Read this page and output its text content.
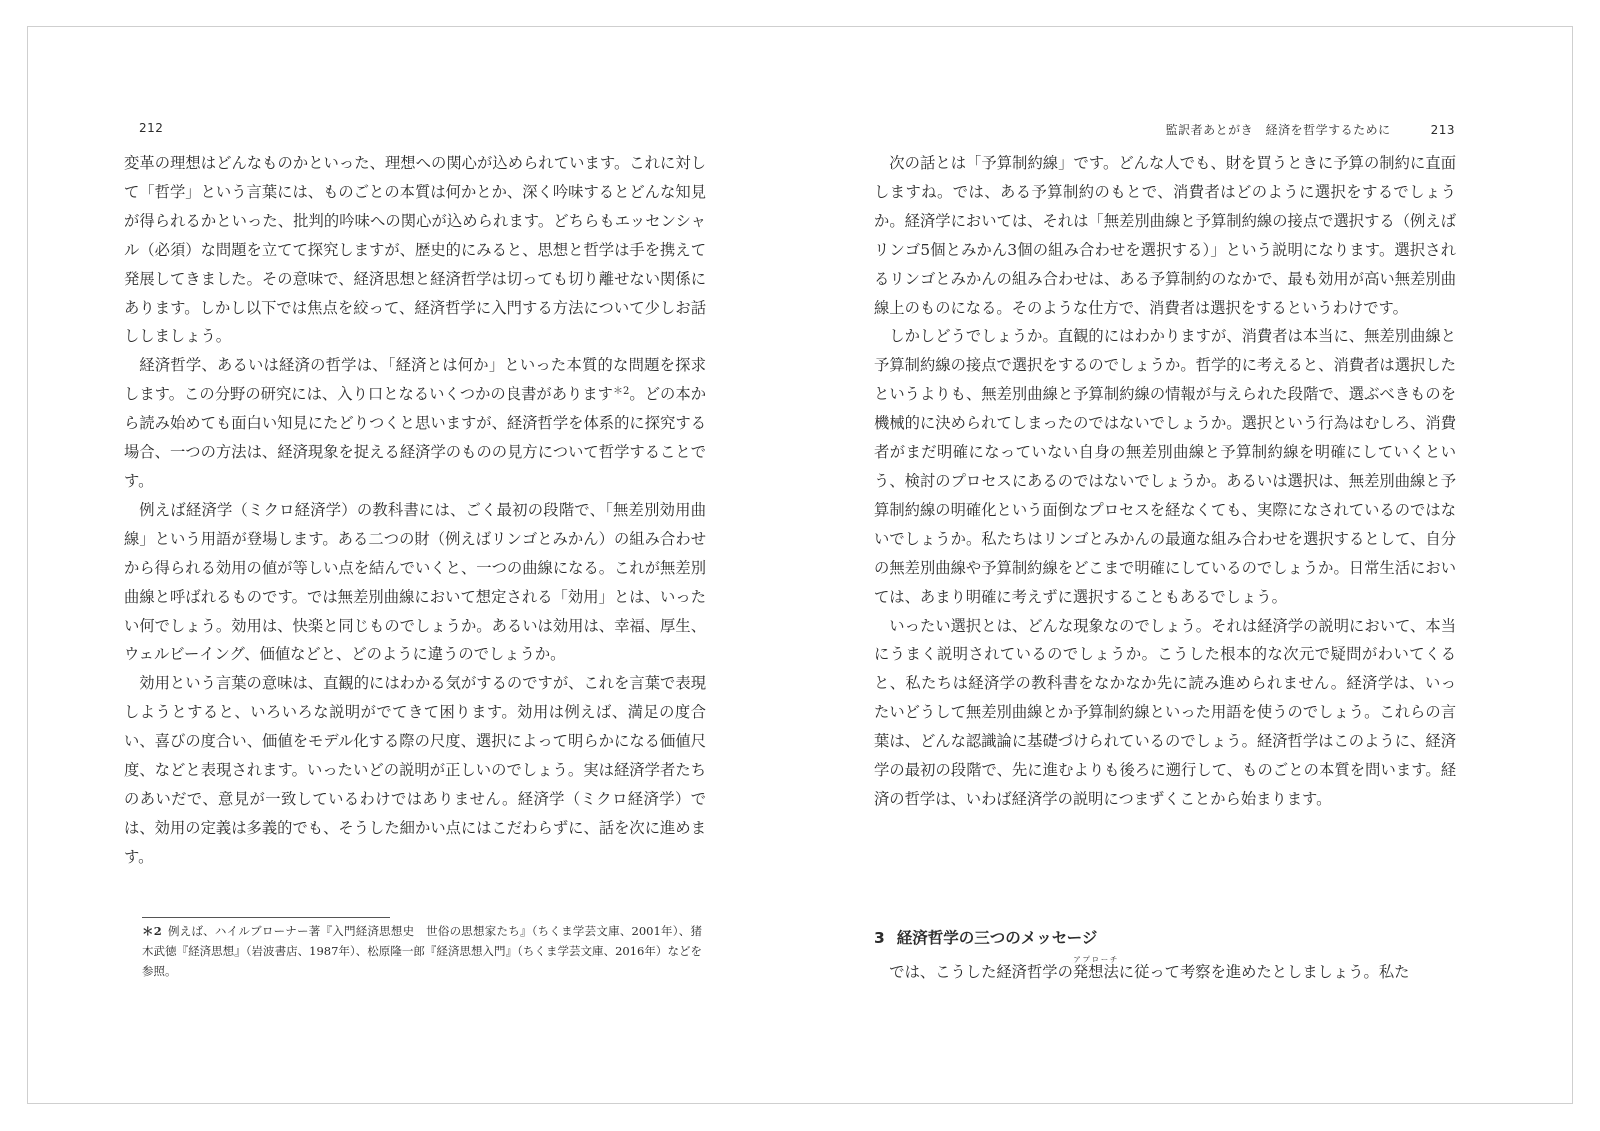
212

変革の理想はどんなものかといった、理想への関心が込められています。これに対して「哲学」という言葉には、ものごとの本質は何かとか、深く吟味するとどんな知見が得られるかといった、批判的吟味への関心が込められます。どちらもエッセンシャル（必須）な問題を立てて探究しますが、歴史的にみると、思想と哲学は手を携えて発展してきました。その意味で、経済思想と経済哲学は切っても切り離せない関係にあります。しかし以下では焦点を絞って、経済哲学に入門する方法について少しお話ししましょう。

経済哲学、あるいは経済の哲学は、「経済とは何か」といった本質的な問題を探求します。この分野の研究には、入り口となるいくつかの良書があります$^{*2}$。どの本から読み始めても面白い知見にたどりつくと思いますが、経済哲学を体系的に探究する場合、一つの方法は、経済現象を捉える経済学のものの見方について哲学することです。

例えば経済学（ミクロ経済学）の教科書には、ごく最初の段階で、「無差別効用曲線」という用語が登場します。ある二つの財（例えばリンゴとみかん）の組み合わせから得られる効用の値が等しい点を結んでいくと、一つの曲線になる。これが無差別曲線と呼ばれるものです。では無差別曲線において想定される「効用」とは、いったい何でしょう。効用は、快楽と同じものでしょうか。あるいは効用は、幸福、厚生、ウェルビーイング、価値などと、どのように違うのでしょうか。

効用という言葉の意味は、直観的にはわかる気がするのですが、これを言葉で表現しようとすると、いろいろな説明がでてきて困ります。効用は例えば、満足の度合い、喜びの度合い、価値をモデル化する際の尺度、選択によって明らかになる価値尺度、などと表現されます。いったいどの説明が正しいのでしょう。実は経済学者たちのあいだで、意見が一致しているわけではありません。経済学（ミクロ経済学）では、効用の定義は多義的でも、そうした細かい点にはこだわらずに、話を次に進めます。

＊2 例えば、ハイルブローナー著『入門経済思想史　世俗の思想家たち』（ちくま学芸文庫、2001年）、猪木武徳『経済思想』（岩波書店、1987年）、松原隆一郎『経済思想入門』（ちくま学芸文庫、2016年）などを参照。
監訳者あとがき　経済を哲学するために	213

次の話とは「予算制約線」です。どんな人でも、財を買うときに予算の制約に直面しますね。では、ある予算制約のもとで、消費者はどのように選択をするでしょうか。経済学においては、それは「無差別曲線と予算制約線の接点で選択する（例えばリンゴ5個とみかん3個の組み合わせを選択する）」という説明になります。選択されるリンゴとみかんの組み合わせは、ある予算制約のなかで、最も効用が高い無差別曲線上のものになる。そのような仕方で、消費者は選択をするというわけです。

しかしどうでしょうか。直観的にはわかりますが、消費者は本当に、無差別曲線と予算制約線の接点で選択をするのでしょうか。哲学的に考えると、消費者は選択したというよりも、無差別曲線と予算制約線の情報が与えられた段階で、選ぶべきものを機械的に決められてしまったのではないでしょうか。選択という行為はむしろ、消費者がまだ明確になっていない自身の無差別曲線と予算制約線を明確にしていくという、検討のプロセスにあるのではないでしょうか。あるいは選択は、無差別曲線と予算制約線の明確化という面倒なプロセスを経なくても、実際になされているのではないでしょうか。私たちはリンゴとみかんの最適な組み合わせを選択するとして、自分の無差別曲線や予算制約線をどこまで明確にしているのでしょうか。日常生活においては、あまり明確に考えずに選択することもあるでしょう。

いったい選択とは、どんな現象なのでしょう。それは経済学の説明において、本当にうまく説明されているのでしょうか。こうした根本的な次元で疑問がわいてくると、私たちは経済学の教科書をなかなか先に読み進められません。経済学は、いったいどうして無差別曲線とか予算制約線といった用語を使うのでしょう。これらの言葉は、どんな認識論に基礎づけられているのでしょう。経済哲学はこのように、経済学の最初の段階で、先に進むよりも後ろに遡行して、ものごとの本質を問います。経済の哲学は、いわば経済学の説明につまずくことから始まります。

3 経済哲学の三つのメッセージ

では、こうした経済哲学の発想法アプローチに従って考察を進めたとしましょう。私た
